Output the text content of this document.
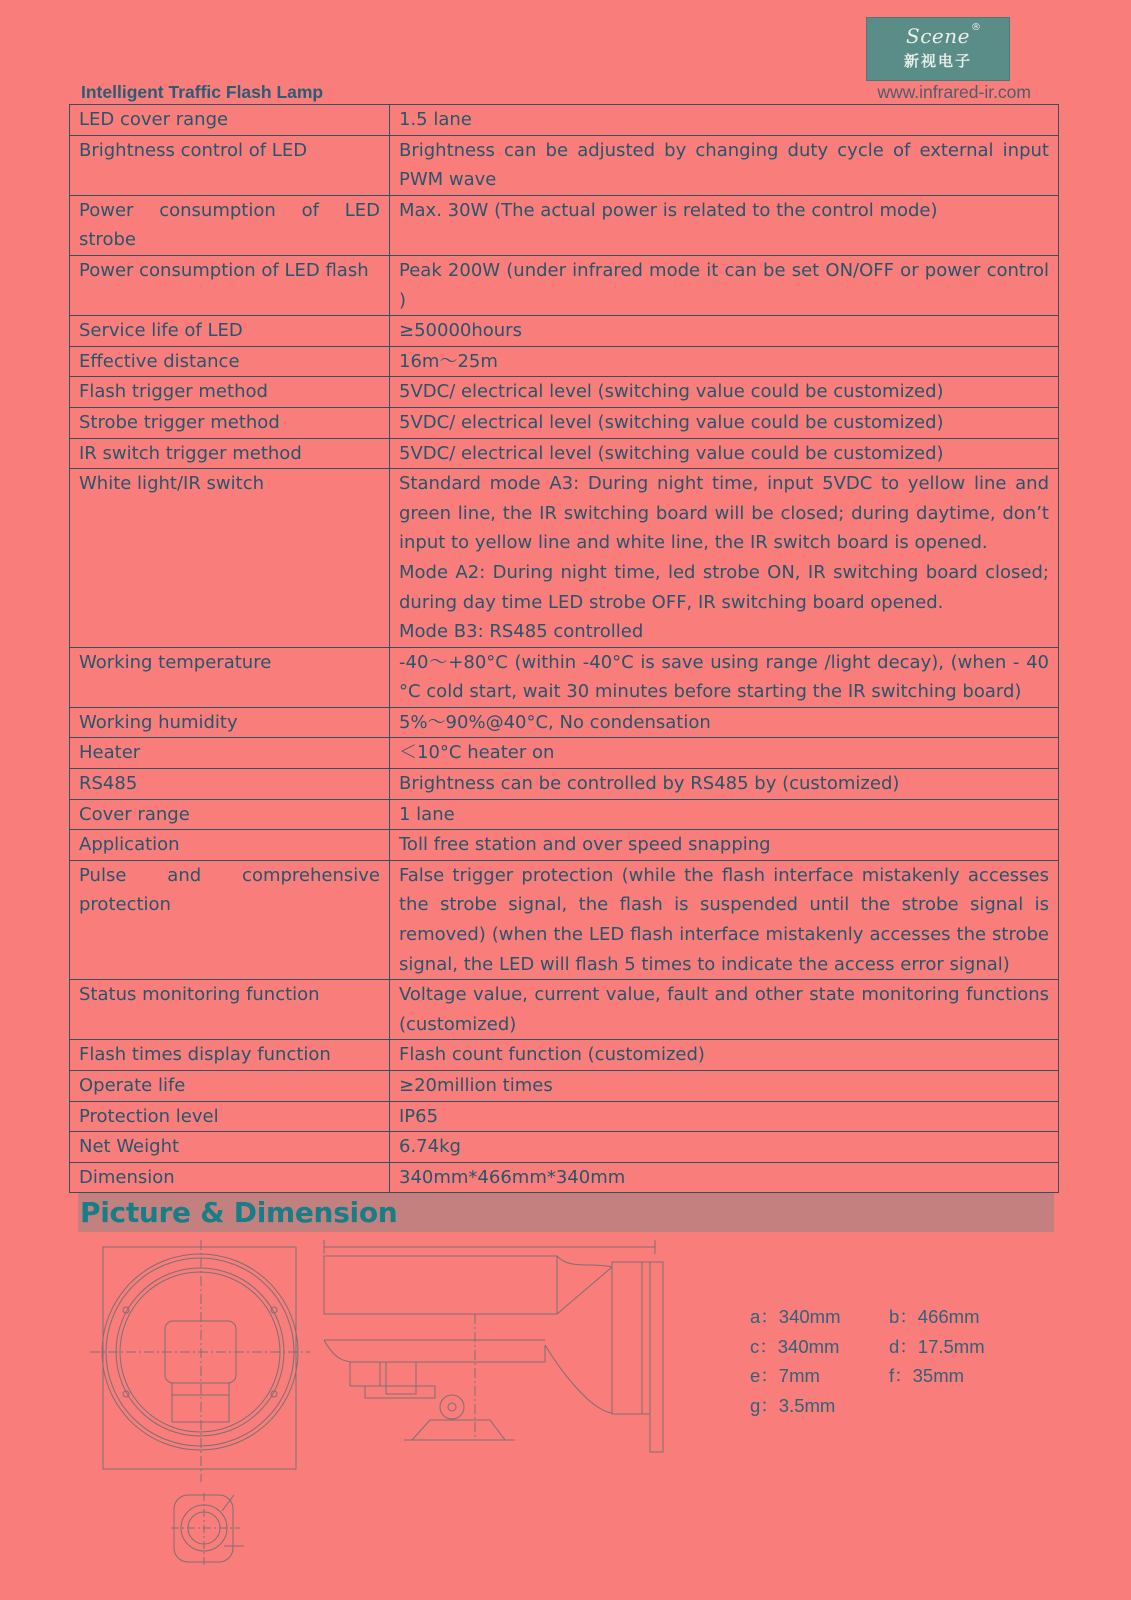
Scene ®
新视电子
Intelligent Traffic Flash Lamp	www.infrared-ir.com
LED cover range	1.5 lane

Brightness control of LED	Brightness can be adjusted by changing duty cycle of external input PWM wave

Power consumption of LED strobe	Max. 30W (The actual power is related to the control mode)

Power consumption of LED flash	Peak 200W (under infrared mode it can be set ON/OFF or power control )

Service life of LED	≥50000hours

Effective distance	16m～25m

Flash trigger method	5VDC/ electrical level (switching value could be customized)

Strobe trigger method	5VDC/ electrical level (switching value could be customized)

IR switch trigger method	5VDC/ electrical level (switching value could be customized)

White light/IR switch	Standard mode A3: During night time, input 5VDC to yellow line and green line, the IR switching board will be closed; during daytime, don’t input to yellow line and white line, the IR switch board is opened.
Mode A2: During night time, led strobe ON, IR switching board closed; during day time LED strobe OFF, IR switching board opened.
Mode B3: RS485 controlled

Working temperature	-40～+80°C (within -40°C is save using range /light decay), (when - 40 °C cold start, wait 30 minutes before starting the IR switching board)

Working humidity	5%～90%@40°C, No condensation

Heater	＜10°C heater on

RS485	Brightness can be controlled by RS485 by (customized)

Cover range	1 lane

Application	Toll free station and over speed snapping

Pulse and comprehensive protection	False trigger protection (while the flash interface mistakenly accesses the strobe signal, the flash is suspended until the strobe signal is removed) (when the LED flash interface mistakenly accesses the strobe signal, the LED will flash 5 times to indicate the access error signal)

Status monitoring function	Voltage value, current value, fault and other state monitoring functions (customized)

Flash times display function	Flash count function (customized)

Operate life	≥20million times

Protection level	IP65

Net Weight	6.74kg

Dimension	340mm*466mm*340mm
Picture & Dimension
a：340mm	b：466mm
c：340mm	d：17.5mm
e：7mm	f：35mm
g：3.5mm
